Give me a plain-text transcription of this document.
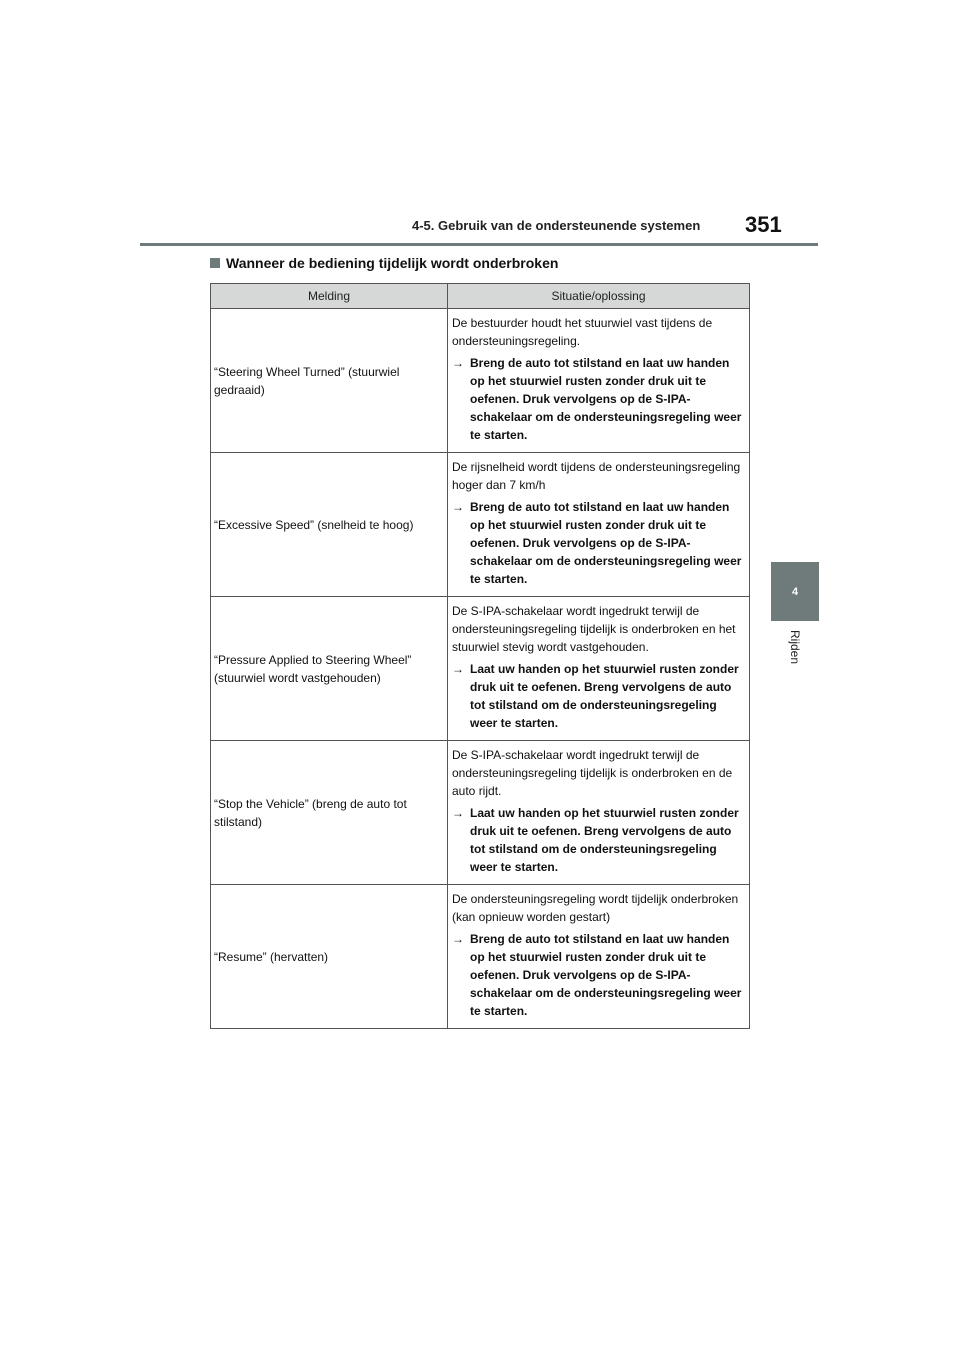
4-5. Gebruik van de ondersteunende systemen 351
4
Rijden
Wanneer de bediening tijdelijk wordt onderbroken
Melding	Situatie/oplossing
“Steering Wheel Turned” (stuurwiel gedraaid)	De bestuurder houdt het stuurwiel vast tijdens de ondersteuningsregeling.

→ Breng de auto tot stilstand en laat uw handen op het stuurwiel rusten zonder druk uit te oefenen. Druk vervolgens op de S-IPA-schakelaar om de ondersteuningsregeling weer te starten.

“Excessive Speed” (snelheid te hoog)	De rijsnelheid wordt tijdens de ondersteuningsregeling hoger dan 7 km/h

→ Breng de auto tot stilstand en laat uw handen op het stuurwiel rusten zonder druk uit te oefenen. Druk vervolgens op de S-IPA-schakelaar om de ondersteuningsregeling weer te starten.

“Pressure Applied to Steering Wheel” (stuurwiel wordt vastgehouden)	De S-IPA-schakelaar wordt ingedrukt terwijl de ondersteuningsregeling tijdelijk is onderbroken en het stuurwiel stevig wordt vastgehouden.

→ Laat uw handen op het stuurwiel rusten zonder druk uit te oefenen. Breng vervolgens de auto tot stilstand om de ondersteuningsregeling weer te starten.

“Stop the Vehicle” (breng de auto tot stilstand)	De S-IPA-schakelaar wordt ingedrukt terwijl de ondersteuningsregeling tijdelijk is onderbroken en de auto rijdt.

→ Laat uw handen op het stuurwiel rusten zonder druk uit te oefenen. Breng vervolgens de auto tot stilstand om de ondersteuningsregeling weer te starten.

“Resume” (hervatten)	De ondersteuningsregeling wordt tijdelijk onderbroken (kan opnieuw worden gestart)

→ Breng de auto tot stilstand en laat uw handen op het stuurwiel rusten zonder druk uit te oefenen. Druk vervolgens op de S-IPA-schakelaar om de ondersteuningsregeling weer te starten.
